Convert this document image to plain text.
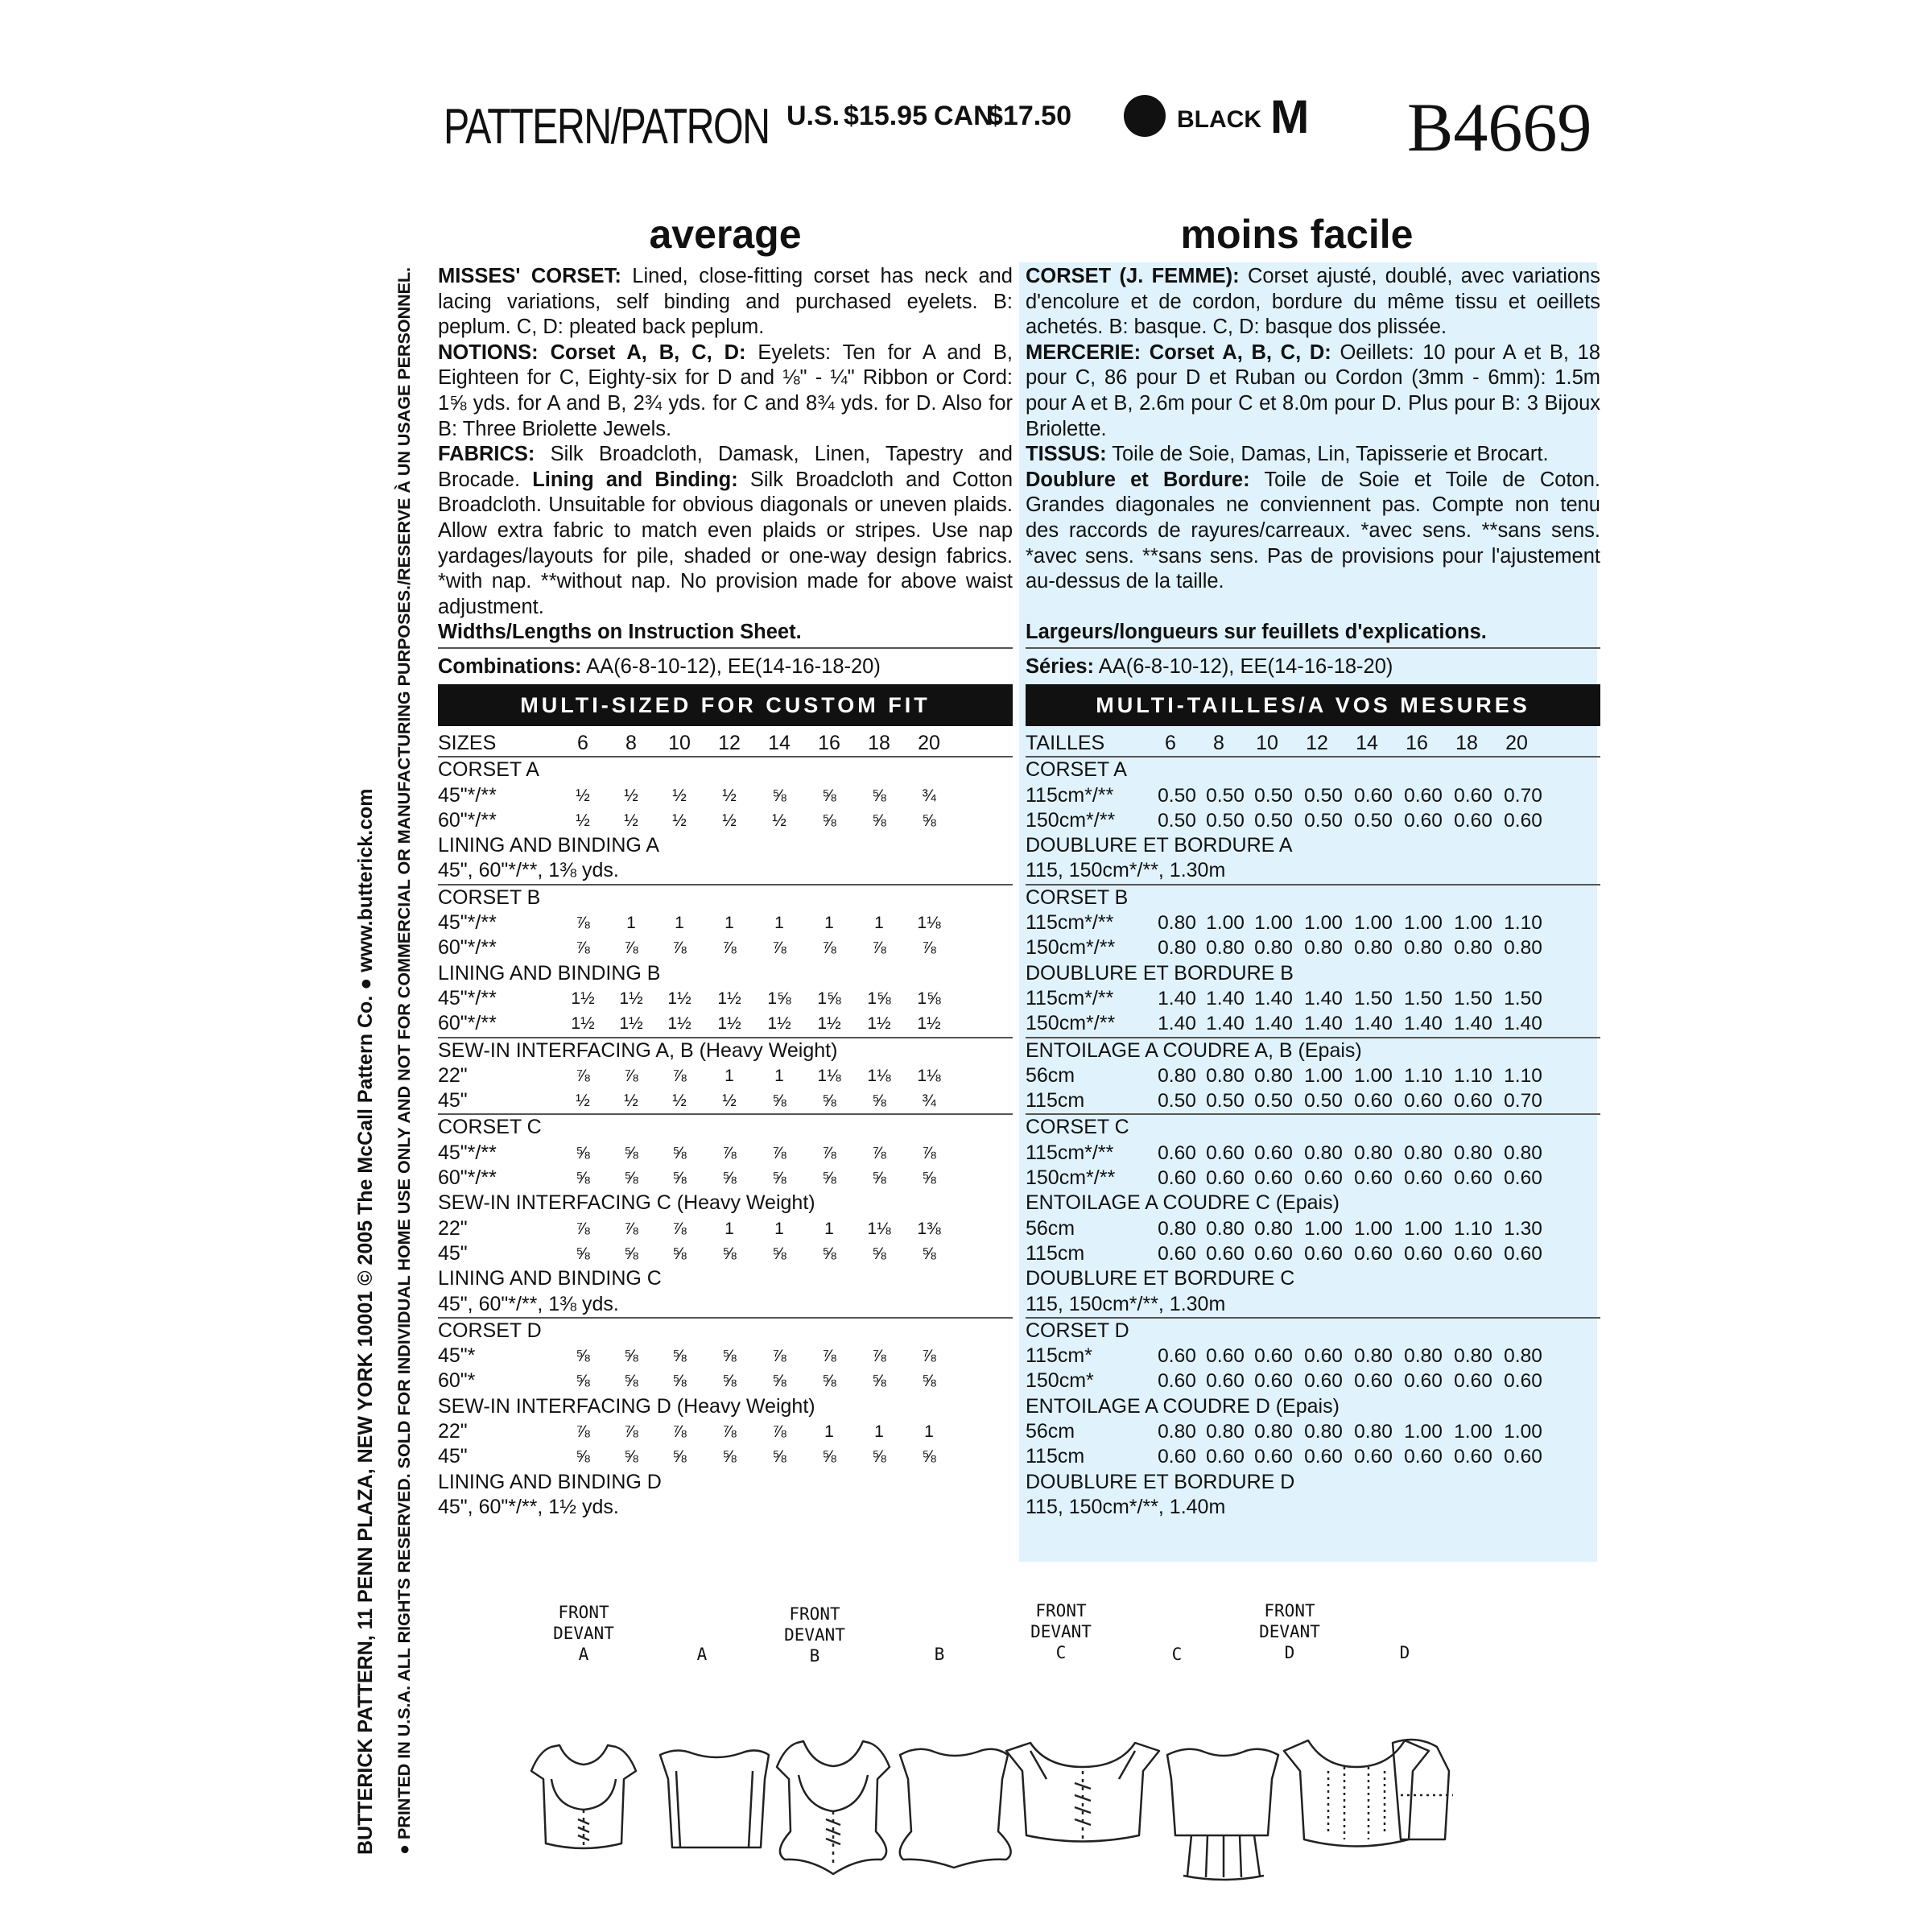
PATTERN/PATRON U.S. $15.95 CAN.
$17.50	BLACK M B4669
BUTTERICK PATTERN, 11 PENN PLAZA, NEW YORK 10001 © 2005 The McCall Pattern Co. ● www.butterick.com ● PRINTED IN U.S.A. ALL RIGHTS RESERVED. SOLD FOR INDIVIDUAL HOME USE ONLY AND NOT FOR COMMERCIAL OR MANUFACTURING PURPOSES./RESERVE À UN USAGE PERSONNEL.
average	moins facile

MISSES' CORSET: Lined, close-fitting corset has neck and lacing variations, self binding and purchased eyelets. B: peplum. C, D: pleated back peplum.

NOTIONS: Corset A, B, C, D: Eyelets: Ten for A and B, Eighteen for C, Eighty-six for D and ⅛" - ¼" Ribbon or Cord: 1⅝ yds. for A and B, 2¾ yds. for C and 8¾ yds. for D. Also for B: Three Briolette Jewels.

FABRICS: Silk Broadcloth, Damask, Linen, Tapestry and Brocade. Lining and Binding: Silk Broadcloth and Cotton Broadcloth. Unsuitable for obvious diagonals or uneven plaids. Allow extra fabric to match even plaids or stripes. Use nap yardages/layouts for pile, shaded or one-way design fabrics. *with nap. **without nap. No provision made for above waist adjustment.

Widths/Lengths on Instruction Sheet.

CORSET (J. FEMME): Corset ajusté, doublé, avec variations d'encolure et de cordon, bordure du même tissu et oeillets achetés. B: basque. C, D: basque dos plissée.

MERCERIE: Corset A, B, C, D: Oeillets: 10 pour A et B, 18 pour C, 86 pour D et Ruban ou Cordon (3mm - 6mm): 1.5m pour A et B, 2.6m pour C et 8.0m pour D. Plus pour B: 3 Bijoux Briolette.

TISSUS: Toile de Soie, Damas, Lin, Tapisserie et Brocart.
Doublure et Bordure: Toile de Soie et Toile de Coton. Grandes diagonales ne conviennent pas. Compte non tenu des raccords de rayures/carreaux. *avec sens. **sans sens. *avec sens. **sans sens. Pas de provisions pour l'ajustement au-dessus de la taille.

Largeurs/longueurs sur feuillets d'explications.

Combinations: AA(6-8-10-12), EE(14-16-18-20)	Séries: AA(6-8-10-12), EE(14-16-18-20)
MULTI-SIZED FOR CUSTOM FIT	MULTI-TAILLES/A VOS MESURES
SIZES	6	8	10	12	14	16	18	20
CORSET A
45"*/**	½	½	½	½	⅝	⅝	⅝	¾
60"*/**	½	½	½	½	½	⅝	⅝	⅝
LINING AND BINDING A
45", 60"*/**, 1⅜ yds.
CORSET B
45"*/**	⅞	1	1	1	1	1	1	1⅛
60"*/**	⅞	⅞	⅞	⅞	⅞	⅞	⅞	⅞
LINING AND BINDING B
45"*/**	1½	1½	1½	1½	1⅝	1⅝	1⅝	1⅝
60"*/**	1½	1½	1½	1½	1½	1½	1½	1½
SEW-IN INTERFACING A, B (Heavy Weight)
22"	⅞	⅞	⅞	1	1	1⅛	1⅛	1⅛
45"	½	½	½	½	⅝	⅝	⅝	¾
CORSET C
45"*/**	⅝	⅝	⅝	⅞	⅞	⅞	⅞	⅞
60"*/**	⅝	⅝	⅝	⅝	⅝	⅝	⅝	⅝
SEW-IN INTERFACING C (Heavy Weight)
22"	⅞	⅞	⅞	1	1	1	1⅛	1⅜
45"	⅝	⅝	⅝	⅝	⅝	⅝	⅝	⅝
LINING AND BINDING C
45", 60"*/**, 1⅜ yds.
CORSET D
45"*	⅝	⅝	⅝	⅝	⅞	⅞	⅞	⅞
60"*	⅝	⅝	⅝	⅝	⅝	⅝	⅝	⅝
SEW-IN INTERFACING D (Heavy Weight)
22"	⅞	⅞	⅞	⅞	⅞	1	1	1
45"	⅝	⅝	⅝	⅝	⅝	⅝	⅝	⅝
LINING AND BINDING D
45", 60"*/**, 1½ yds.
TAILLES	6	8	10	12	14	16	18	20
CORSET A
115cm*/** 0.50 0.50 0.50 0.50 0.60 0.60 0.60 0.70
150cm*/** 0.50 0.50 0.50 0.50 0.50 0.60 0.60 0.60
DOUBLURE ET BORDURE A
115, 150cm*/**, 1.30m
CORSET B
115cm*/** 0.80 1.00 1.00 1.00 1.00 1.00 1.00 1.10
150cm*/** 0.80 0.80 0.80 0.80 0.80 0.80 0.80 0.80
DOUBLURE ET BORDURE B
115cm*/** 1.40 1.40 1.40 1.40 1.50 1.50 1.50 1.50
150cm*/** 1.40 1.40 1.40 1.40 1.40 1.40 1.40 1.40
ENTOILAGE A COUDRE A, B (Epais)
56cm	0.80 0.80 0.80 1.00 1.00 1.10 1.10 1.10
115cm	0.50 0.50 0.50 0.50 0.60 0.60 0.60 0.70
CORSET C
115cm*/** 0.60 0.60 0.60 0.80 0.80 0.80 0.80 0.80
150cm*/** 0.60 0.60 0.60 0.60 0.60 0.60 0.60 0.60
ENTOILAGE A COUDRE C (Epais)
56cm	0.80 0.80 0.80 1.00 1.00 1.00 1.10 1.30
115cm	0.60 0.60 0.60 0.60 0.60 0.60 0.60 0.60
DOUBLURE ET BORDURE C
115, 150cm*/**, 1.30m
CORSET D
115cm*	0.60 0.60 0.60 0.60 0.80 0.80 0.80 0.80
150cm*	0.60 0.60 0.60 0.60 0.60 0.60 0.60 0.60
ENTOILAGE A COUDRE D (Epais)
56cm	0.80 0.80 0.80 0.80 0.80 1.00 1.00 1.00
115cm	0.60 0.60 0.60 0.60 0.60 0.60 0.60 0.60
DOUBLURE ET BORDURE D
115, 150cm*/**, 1.40m
FRONT
DEVANT
A	A
FRONT
DEVANT
B	B
FRONT
DEVANT
C	C
FRONT
DEVANT
D	D
